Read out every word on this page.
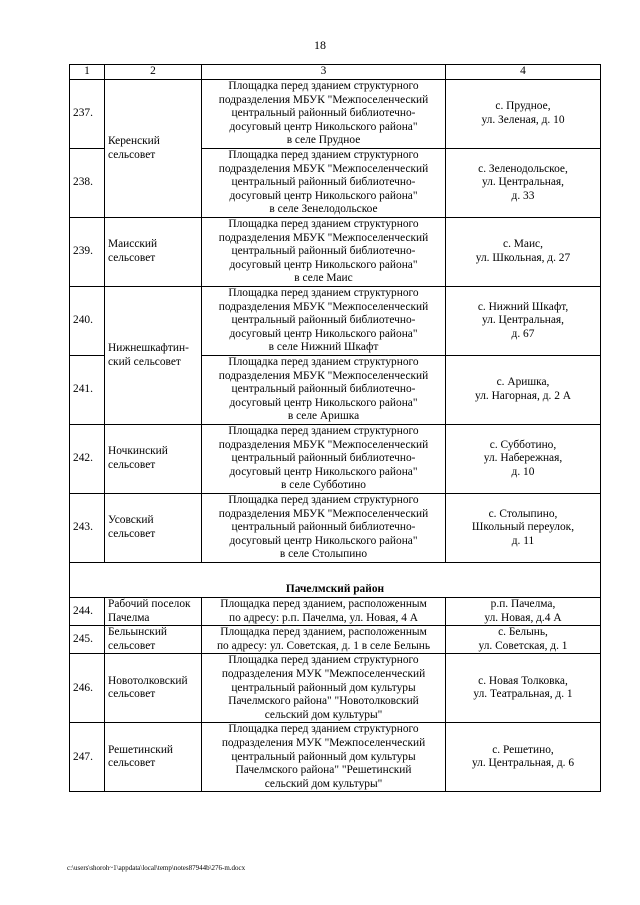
18
1	2	3	4
237.	Керенский
сельсовет	Площадка перед зданием структурного
подразделения МБУК "Межпоселенческий
центральный районный библиотечно-
досуговый центр Никольского района"
в селе Прудное	с. Прудное,
ул. Зеленая, д. 10

238.		Площадка перед зданием структурного
подразделения МБУК "Межпоселенческий
центральный районный библиотечно-
досуговый центр Никольского района"
в селе Зенелодольское	с. Зеленодольское,
ул. Центральная,
д. 33

239.	Маисский
сельсовет	Площадка перед зданием структурного
подразделения МБУК "Межпоселенческий
центральный районный библиотечно-
досуговый центр Никольского района"
в селе Маис	с. Маис,
ул. Школьная, д. 27

240.	Нижнешкафтин-
ский сельсовет	Площадка перед зданием структурного
подразделения МБУК "Межпоселенческий
центральный районный библиотечно-
досуговый центр Никольского района"
в селе Нижний Шкафт	с. Нижний Шкафт,
ул. Центральная,
д. 67

241.		Площадка перед зданием структурного
подразделения МБУК "Межпоселенческий
центральный районный библиотечно-
досуговый центр Никольского района"
в селе Аришка	с. Аришка,
ул. Нагорная, д. 2 А

242.	Ночкинский
сельсовет	Площадка перед зданием структурного
подразделения МБУК "Межпоселенческий
центральный районный библиотечно-
досуговый центр Никольского района"
в селе Субботино	с. Субботино,
ул. Набережная,
д. 10

243.	Усовский
сельсовет	Площадка перед зданием структурного
подразделения МБУК "Межпоселенческий
центральный районный библиотечно-
досуговый центр Никольского района"
в селе Столыпино	с. Столыпино,
Школьный переулок,
д. 11

Пачелмский район			
244.	Рабочий поселок
Пачелма	Площадка перед зданием, расположенным
по адресу: р.п. Пачелма, ул. Новая, 4 А	р.п. Пачелма,
ул. Новая, д.4 А

245.	Бельынский
сельсовет	Площадка перед зданием, расположенным
по адресу: ул. Советская, д. 1 в селе Белынь	с. Белынь,
ул. Советская, д. 1

246.	Новотолковский
сельсовет	Площадка перед зданием структурного
подразделения МУК "Межпоселенческий
центральный районный дом культуры
Пачелмского района" "Новотолковский
сельский дом культуры"	с. Новая Толковка,
ул. Театральная, д. 1

247.	Решетинский
сельсовет	Площадка перед зданием структурного
подразделения МУК "Межпоселенческий
центральный районный дом культуры
Пачелмского района" "Решетинский
сельский дом культуры"	с. Решетино,
ул. Центральная, д. 6
c:\users\shoroh~1\appdata\local\temp\notes87944b\276-m.docx
